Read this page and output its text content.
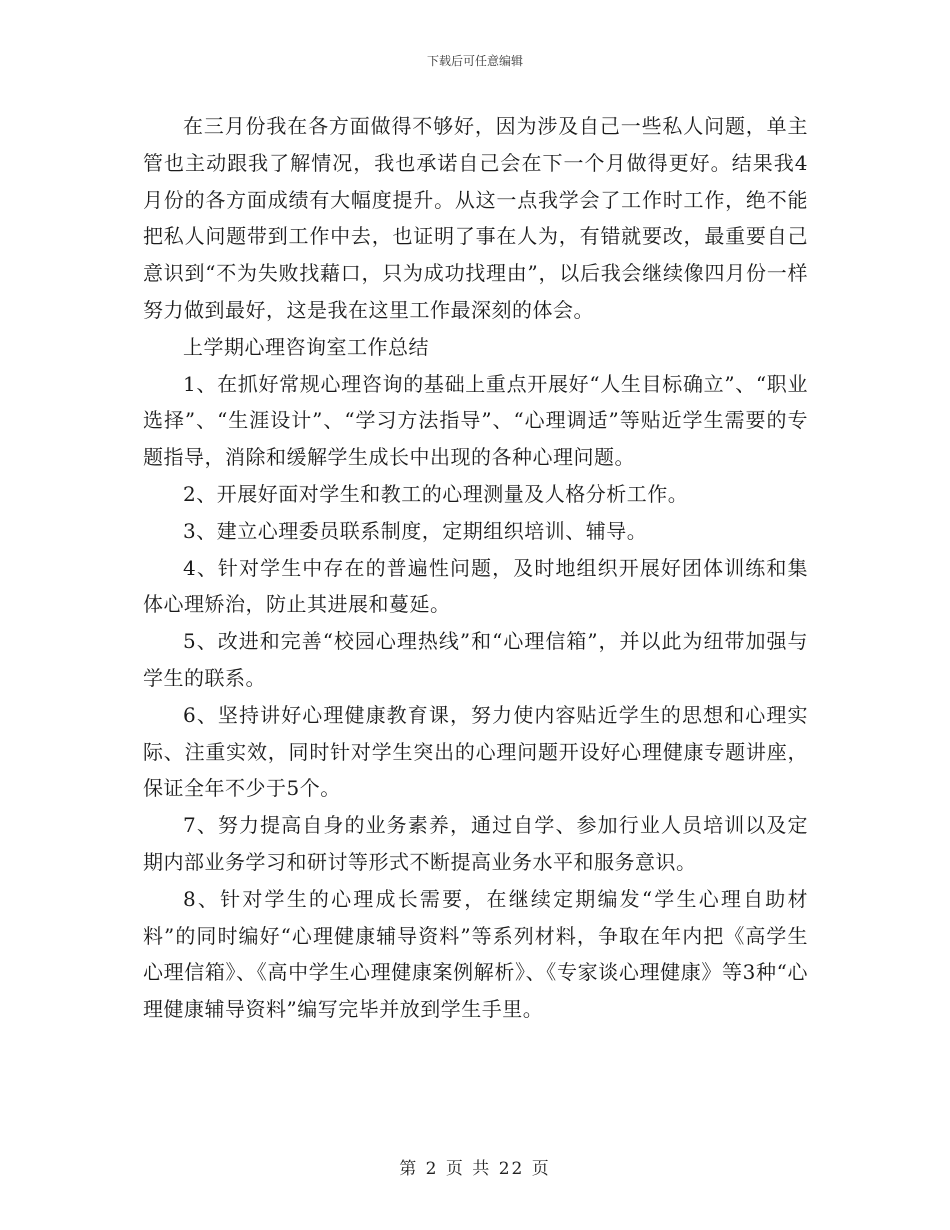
下载后可任意编辑

在三月份我在各方面做得不够好，因为涉及自己一些私人问题，单主管也主动跟我了解情况，我也承诺自己会在下一个月做得更好。结果我4月份的各方面成绩有大幅度提升。从这一点我学会了工作时工作，绝不能把私人问题带到工作中去，也证明了事在人为，有错就要改，最重要自己意识到“不为失败找藉口，只为成功找理由”，以后我会继续像四月份一样努力做到最好，这是我在这里工作最深刻的体会。

上学期心理咨询室工作总结

1、在抓好常规心理咨询的基础上重点开展好“人生目标确立”、“职业选择”、“生涯设计”、“学习方法指导”、“心理调适”等贴近学生需要的专题指导，消除和缓解学生成长中出现的各种心理问题。

2、开展好面对学生和教工的心理测量及人格分析工作。

3、建立心理委员联系制度，定期组织培训、辅导。

4、针对学生中存在的普遍性问题，及时地组织开展好团体训练和集体心理矫治，防止其进展和蔓延。

5、改进和完善“校园心理热线”和“心理信箱”，并以此为纽带加强与学生的联系。

6、坚持讲好心理健康教育课，努力使内容贴近学生的思想和心理实际、注重实效，同时针对学生突出的心理问题开设好心理健康专题讲座，保证全年不少于5个。

7、努力提高自身的业务素养，通过自学、参加行业人员培训以及定期内部业务学习和研讨等形式不断提高业务水平和服务意识。

8、针对学生的心理成长需要，在继续定期编发“学生心理自助材料”的同时编好“心理健康辅导资料”等系列材料，争取在年内把《高学生心理信箱》、《高中学生心理健康案例解析》、《专家谈心理健康》等3种“心理健康辅导资料”编写完毕并放到学生手里。

第 2 页 共 22 页
